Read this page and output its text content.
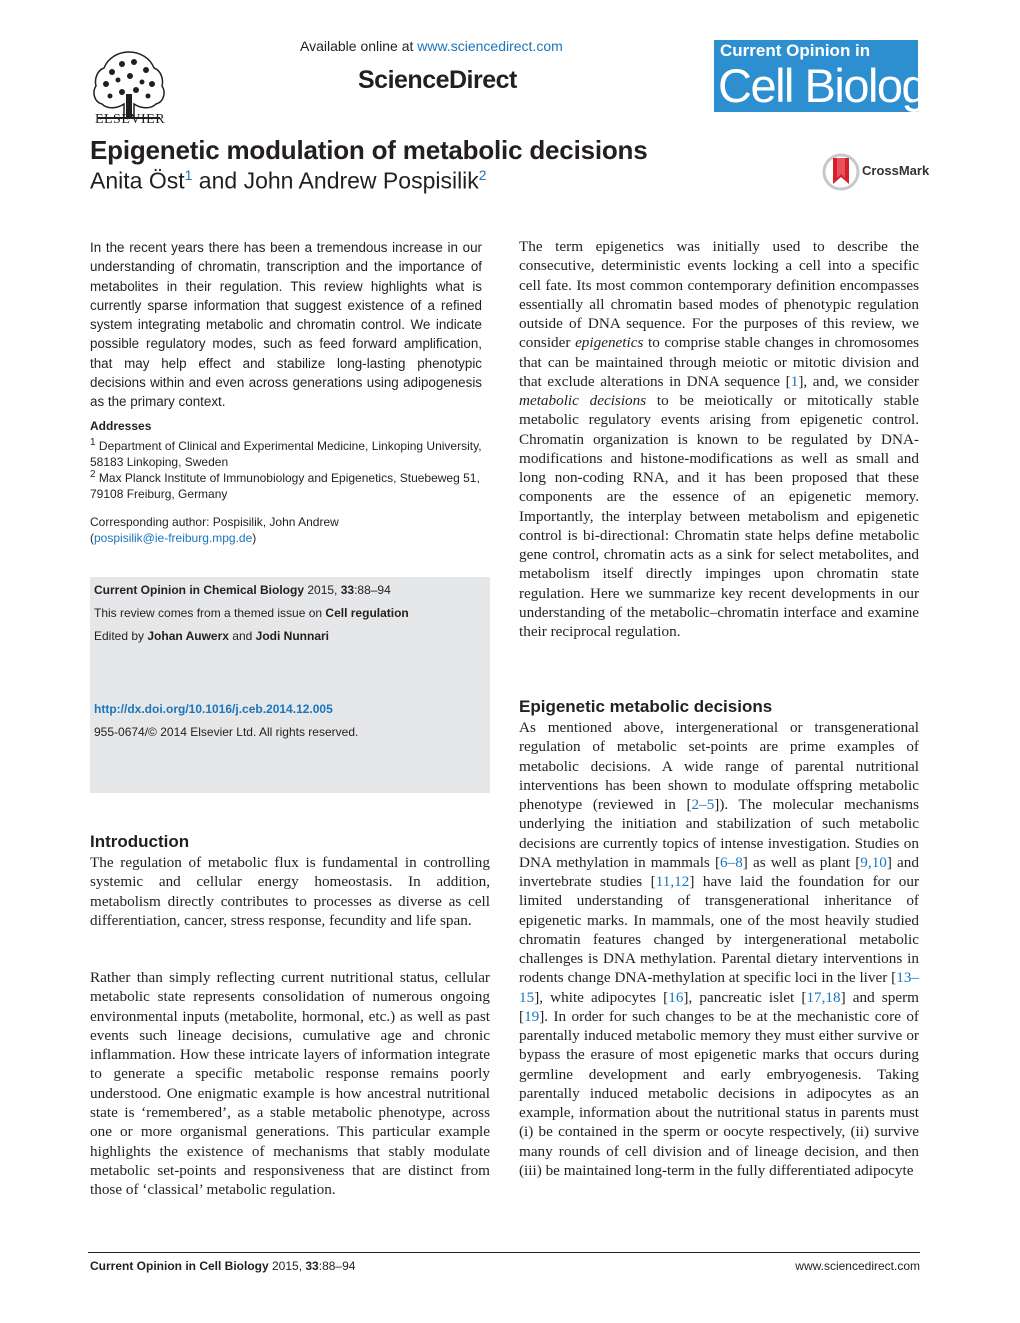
ELSEVIER
Available online at www.sciencedirect.com
ScienceDirect
Current Opinion in
Cell Biology
Epigenetic modulation of metabolic decisions
Anita Öst$^1$ and John Andrew Pospisilik$^2$	CrossMark
In the recent years there has been a tremendous increase in our understanding of chromatin, transcription and the importance of metabolites in their regulation. This review highlights what is currently sparse information that suggest existence of a refined system integrating metabolic and chromatin control. We indicate possible regulatory modes, such as feed forward amplification, that may help effect and stabilize long-lasting phenotypic decisions within and even across generations using adipogenesis as the primary context.
Addresses
$^1$ Department of Clinical and Experimental Medicine, Linkoping University, 58183 Linkoping, Sweden
$^2$ Max Planck Institute of Immunobiology and Epigenetics, Stuebeweg 51, 79108 Freiburg, Germany
Corresponding author: Pospisilik, John Andrew
(pospisilik@ie-freiburg.mpg.de)
Current Opinion in Chemical Biology 2015, 33:88–94
This review comes from a themed issue on Cell regulation
Edited by Johan Auwerx and Jodi Nunnari
http://dx.doi.org/10.1016/j.ceb.2014.12.005
955-0674/© 2014 Elsevier Ltd. All rights reserved.
Introduction
The regulation of metabolic flux is fundamental in controlling systemic and cellular energy homeostasis. In addition, metabolism directly contributes to processes as diverse as cell differentiation, cancer, stress response, fecundity and life span.
Rather than simply reflecting current nutritional status, cellular metabolic state represents consolidation of numerous ongoing environmental inputs (metabolite, hormonal, etc.) as well as past events such lineage decisions, cumulative age and chronic inflammation. How these intricate layers of information integrate to generate a specific metabolic response remains poorly understood. One enigmatic example is how ancestral nutritional state is ‘remembered’, as a stable metabolic phenotype, across one or more organismal generations. This particular example highlights the existence of mechanisms that stably modulate metabolic set-points and responsiveness that are distinct from those of ‘classical’ metabolic regulation.
The term epigenetics was initially used to describe the consecutive, deterministic events locking a cell into a specific cell fate. Its most common contemporary definition encompasses essentially all chromatin based modes of phenotypic regulation outside of DNA sequence. For the purposes of this review, we consider epigenetics to comprise stable changes in chromosomes that can be maintained through meiotic or mitotic division and that exclude alterations in DNA sequence [1], and, we consider metabolic decisions to be meiotically or mitotically stable metabolic regulatory events arising from epigenetic control. Chromatin organization is known to be regulated by DNA-modifications and histone-modifications as well as small and long non-coding RNA, and it has been proposed that these components are the essence of an epigenetic memory. Importantly, the interplay between metabolism and epigenetic control is bi-directional: Chromatin state helps define metabolic gene control, chromatin acts as a sink for select metabolites, and metabolism itself directly impinges upon chromatin state regulation. Here we summarize key recent developments in our understanding of the metabolic–chromatin interface and examine their reciprocal regulation.
Epigenetic metabolic decisions
As mentioned above, intergenerational or transgenerational regulation of metabolic set-points are prime examples of metabolic decisions. A wide range of parental nutritional interventions has been shown to modulate offspring metabolic phenotype (reviewed in [2–5]). The molecular mechanisms underlying the initiation and stabilization of such metabolic decisions are currently topics of intense investigation. Studies on DNA methylation in mammals [6–8] as well as plant [9,10] and invertebrate studies [11,12] have laid the foundation for our limited understanding of transgenerational inheritance of epigenetic marks. In mammals, one of the most heavily studied chromatin features changed by intergenerational metabolic challenges is DNA methylation. Parental dietary interventions in rodents change DNA-methylation at specific loci in the liver [13–15], white adipocytes [16], pancreatic islet [17,18] and sperm [19]. In order for such changes to be at the mechanistic core of parentally induced metabolic memory they must either survive or bypass the erasure of most epigenetic marks that occurs during germline development and early embryogenesis. Taking parentally induced metabolic decisions in adipocytes as an example, information about the nutritional status in parents must (i) be contained in the sperm or oocyte respectively, (ii) survive many rounds of cell division and of lineage decision, and then (iii) be maintained long-term in the fully differentiated adipocyte
Current Opinion in Cell Biology 2015, 33:88–94	www.sciencedirect.com
